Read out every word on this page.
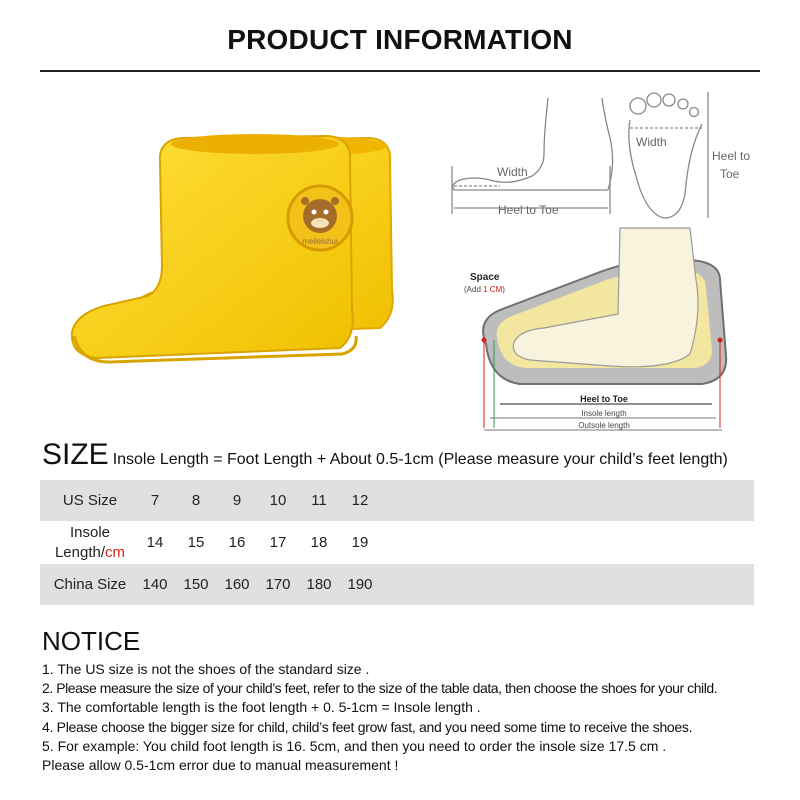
PRODUCT INFORMATION
meilelshui
Width
Heel to Toe
Width
Heel to
Toe
Space
(Add 1 CM)
Heel to Toe
Insole length
Outsole length
SIZE Insole Length = Foot Length + About 0.5-1cm (Please measure your child’s feet length)
US Size	7	8	9	10	11	12
Insole
Length/cm
14	15	16	17	18	19
China Size	140 150 160 170 180 190
NOTICE
1. The US size is not the shoes of the standard size .
2. Please measure the size of your child’s feet, refer to the size of the table data, then choose the shoes for your child.
3. The comfortable length is the foot length + 0. 5-1cm = Insole length .
4. Please choose the bigger size for child, child’s feet grow fast, and you need some time to receive the shoes.
5. For example: You child foot length is 16. 5cm, and then you need to order the insole size 17.5 cm .
Please allow 0.5-1cm error due to manual measurement !
